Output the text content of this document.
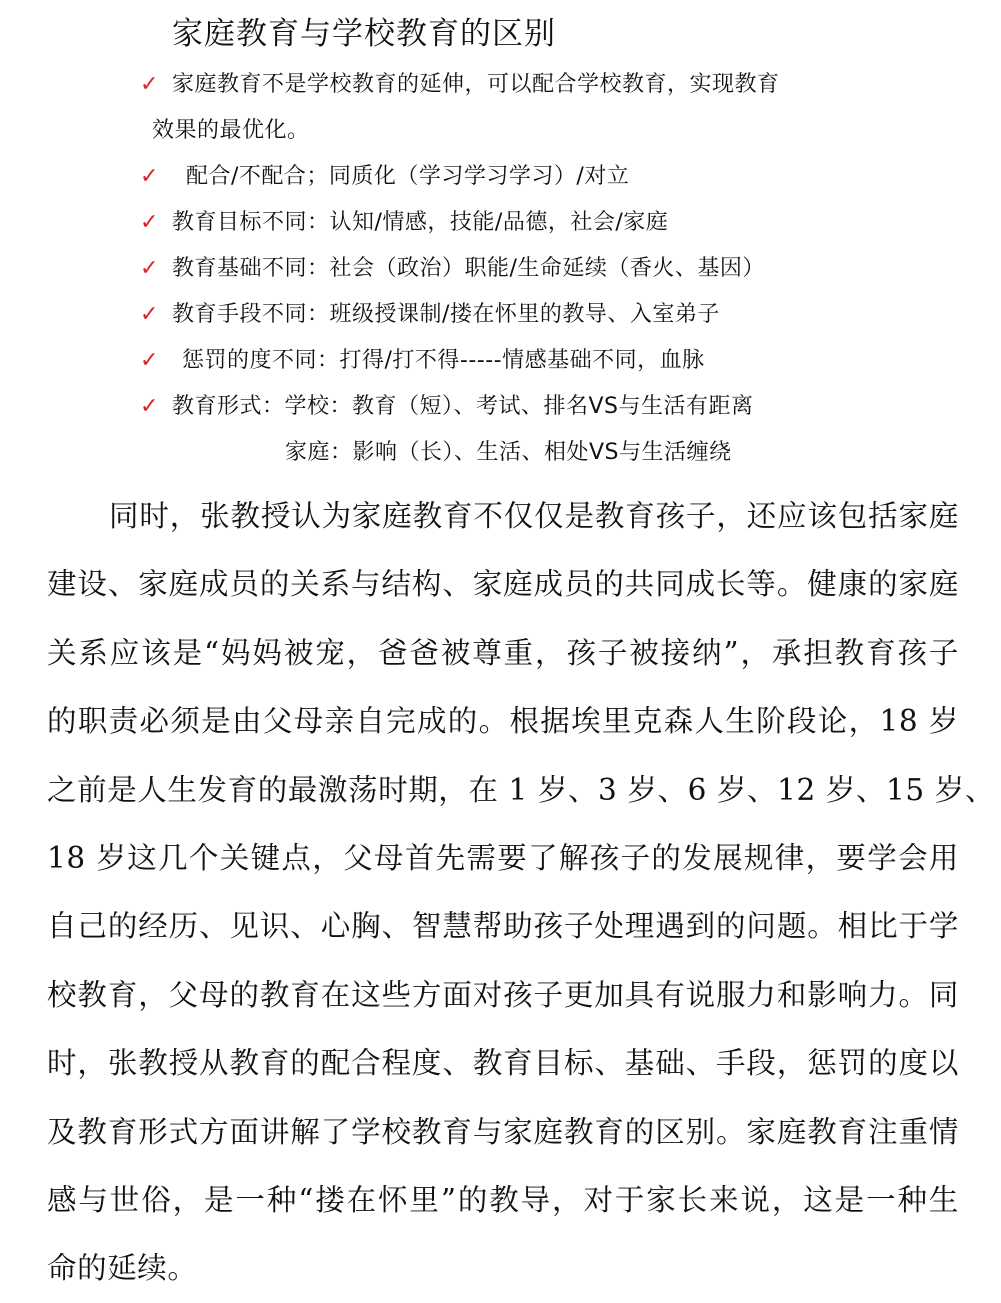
家庭教育与学校教育的区别
✓ 家庭教育不是学校教育的延伸，可以配合学校教育，实现教育
效果的最优化。
✓ 配合/不配合；同质化（学习学习学习）/对立
✓ 教育目标不同：认知/情感，技能/品德，社会/家庭
✓ 教育基础不同：社会（政治）职能/生命延续（香火、基因）
✓ 教育手段不同：班级授课制/搂在怀里的教导、入室弟子
✓ 惩罚的度不同：打得/打不得-----情感基础不同，血脉
✓ 教育形式：学校：教育（短）、考试、排名VS与生活有距离
家庭：影响（长）、生活、相处VS与生活缠绕
同时，张教授认为家庭教育不仅仅是教育孩子，还应该包括家庭
建设、家庭成员的关系与结构、家庭成员的共同成长等。健康的家庭
关系应该是“妈妈被宠，爸爸被尊重，孩子被接纳”，承担教育孩子
的职责必须是由父母亲自完成的。根据埃里克森人生阶段论，18 岁
之前是人生发育的最激荡时期，在 1 岁、3 岁、6 岁、12 岁、15 岁、
18 岁这几个关键点，父母首先需要了解孩子的发展规律，要学会用
自己的经历、见识、心胸、智慧帮助孩子处理遇到的问题。相比于学
校教育，父母的教育在这些方面对孩子更加具有说服力和影响力。同
时，张教授从教育的配合程度、教育目标、基础、手段，惩罚的度以
及教育形式方面讲解了学校教育与家庭教育的区别。家庭教育注重情
感与世俗，是一种“搂在怀里”的教导，对于家长来说，这是一种生
命的延续。
